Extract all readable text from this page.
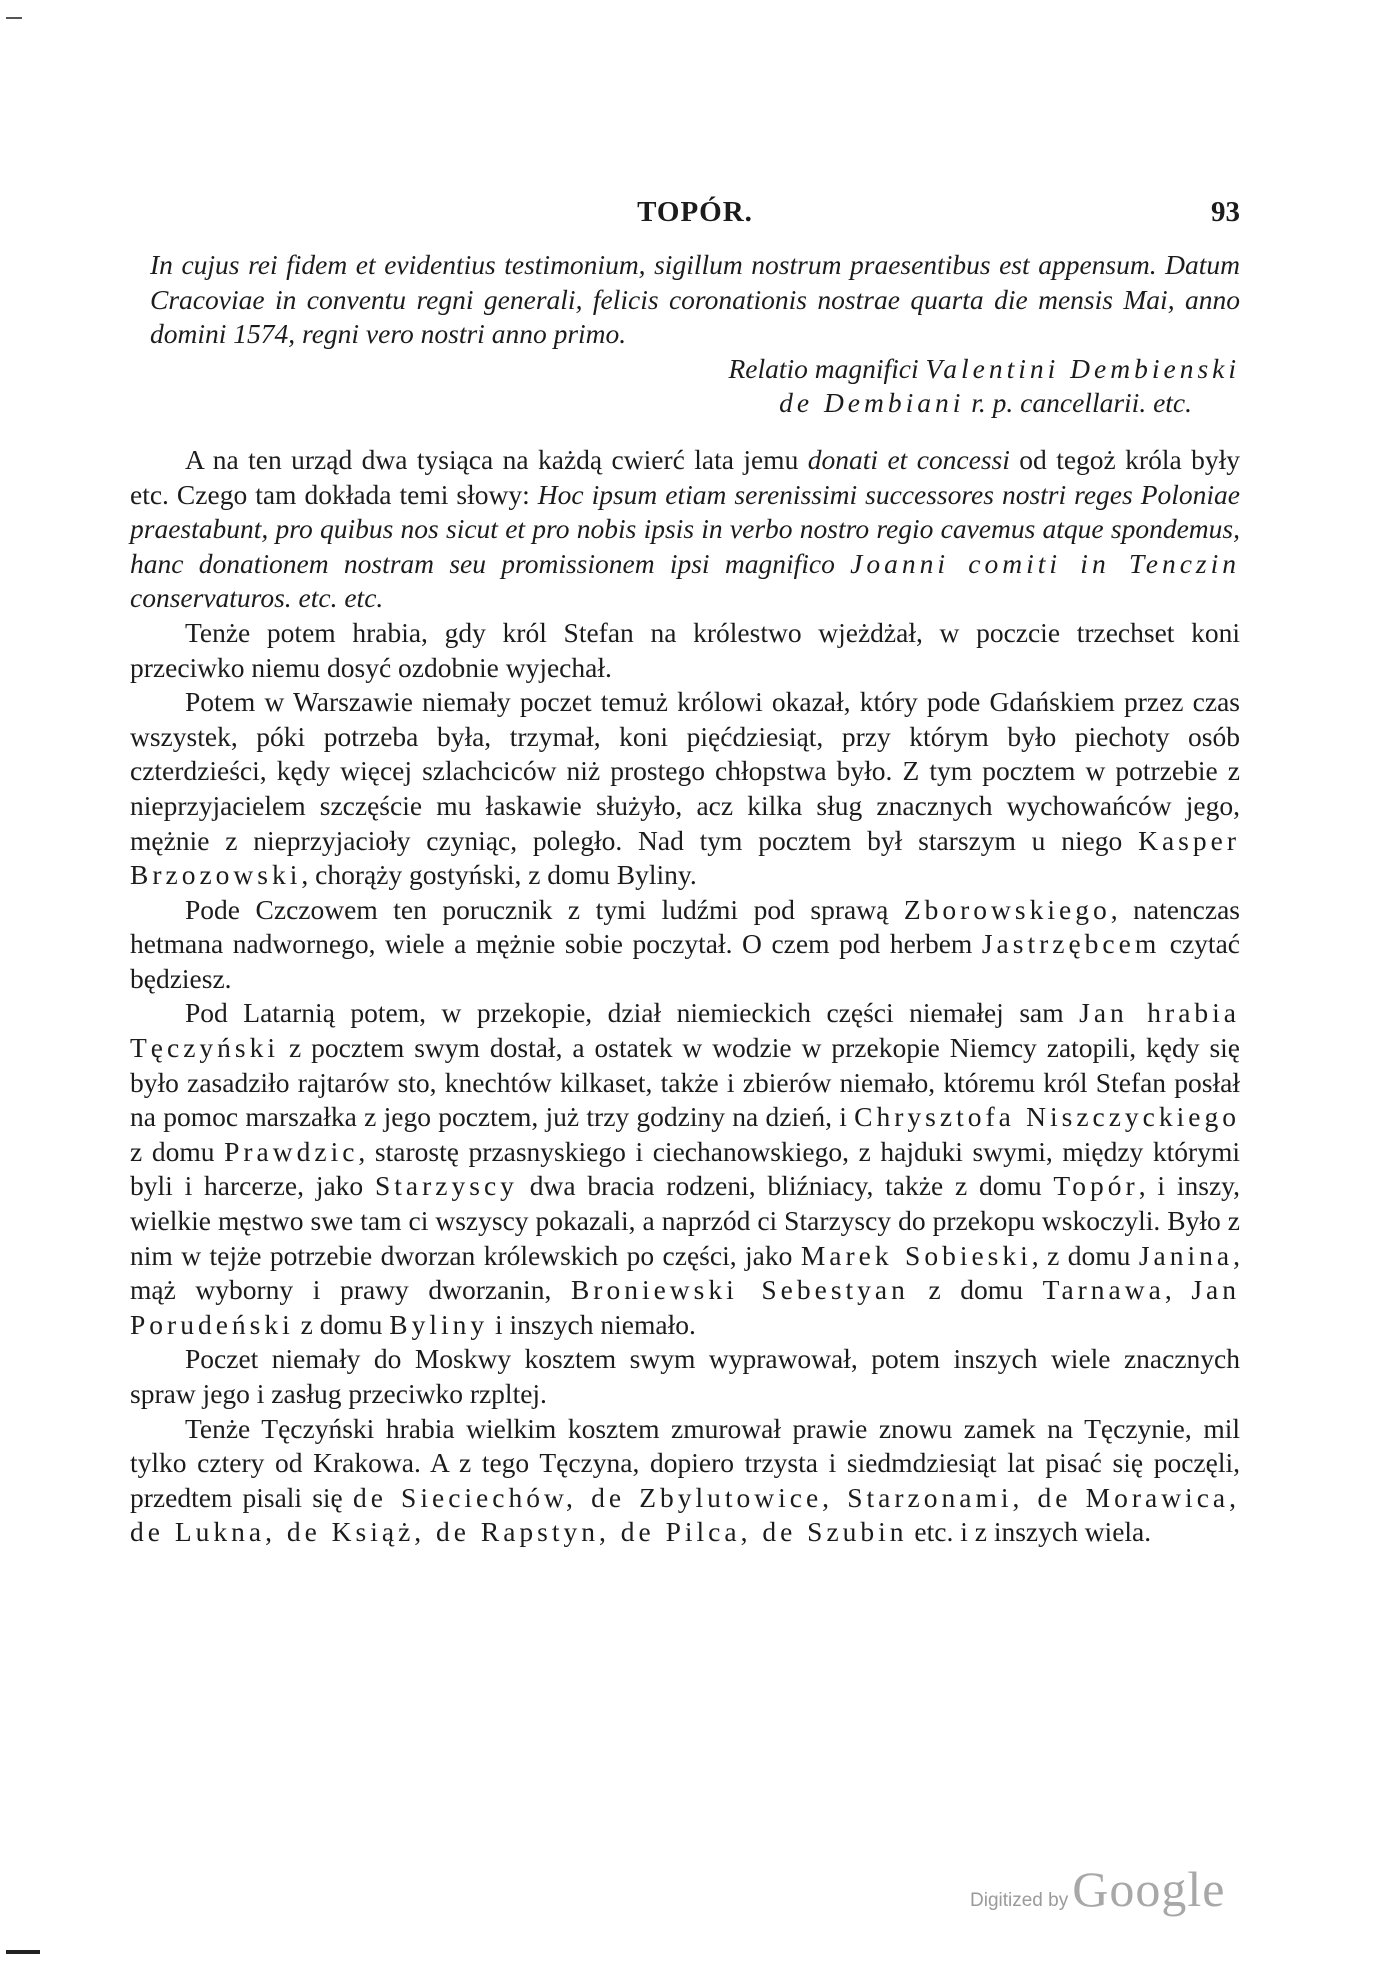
TOPÓR.	93

In cujus rei fidem et evidentius testimonium, sigillum nostrum praesentibus est appensum. Datum Cracoviae in conventu regni generali, felicis coronationis nostrae quarta die mensis Mai, anno domini 1574, regni vero nostri anno primo.

Relatio magnifici Valentini Dembienski

de Dembiani r. p. cancellarii. etc.

A na ten urząd dwa tysiąca na każdą cwierć lata jemu donati et concessi od tegoż króla były etc. Czego tam dokłada temi słowy: Hoc ipsum etiam serenissimi successores nostri reges Poloniae praestabunt, pro quibus nos sicut et pro nobis ipsis in verbo nostro regio cavemus atque spondemus, hanc donationem nostram seu promissionem ipsi magnifico Joanni comiti in Tenczin conservaturos. etc. etc.

Tenże potem hrabia, gdy król Stefan na królestwo wjeżdżał, w poczcie trzechset koni przeciwko niemu dosyć ozdobnie wyjechał.

Potem w Warszawie niemały poczet temuż królowi okazał, który pode Gdańskiem przez czas wszystek, póki potrzeba była, trzymał, koni pięćdziesiąt, przy którym było piechoty osób czterdzieści, kędy więcej szlachciców niż prostego chłopstwa było. Z tym pocztem w potrzebie z nieprzyjacielem szczęście mu łaskawie służyło, acz kilka sług znacznych wychowańców jego, mężnie z nieprzyjacioły czyniąc, poległo. Nad tym pocztem był starszym u niego Kasper Brzozowski, chorąży gostyński, z domu Byliny.

Pode Czczowem ten porucznik z tymi ludźmi pod sprawą Zborowskiego, natenczas hetmana nadwornego, wiele a mężnie sobie poczytał. O czem pod herbem Jastrzębcem czytać będziesz.

Pod Latarnią potem, w przekopie, dział niemieckich części niemałej sam Jan hrabia Tęczyński z pocztem swym dostał, a ostatek w wodzie w przekopie Niemcy zatopili, kędy się było zasadziło rajtarów sto, knechtów kilkaset, także i zbierów niemało, któremu król Stefan posłał na pomoc marszałka z jego pocztem, już trzy godziny na dzień, i Chrysztofa Niszczyckiego z domu Prawdzic, starostę przasnyskiego i ciechanowskiego, z hajduki swymi, między którymi byli i harcerze, jako Starzyscy dwa bracia rodzeni, bliźniacy, także z domu Topór, i inszy, wielkie męstwo swe tam ci wszyscy pokazali, a naprzód ci Starzyscy do przekopu wskoczyli. Było z nim w tejże potrzebie dworzan królewskich po części, jako Marek Sobieski, z domu Janina, mąż wyborny i prawy dworzanin, Broniewski Sebestyan z domu Tarnawa, Jan Porudeński z domu Byliny i inszych niemało.

Poczet niemały do Moskwy kosztem swym wyprawował, potem inszych wiele znacznych spraw jego i zasług przeciwko rzpltej.

Tenże Tęczyński hrabia wielkim kosztem zmurował prawie znowu zamek na Tęczynie, mil tylko cztery od Krakowa. A z tego Tęczyna, dopiero trzysta i siedmdziesiąt lat pisać się poczęli, przedtem pisali się de Sieciechów, de Zbylutowice, Starzonami, de Morawica, de Lukna, de Książ, de Rapstyn, de Pilca, de Szubin etc. i z inszych wiela.

Digitized by Google
